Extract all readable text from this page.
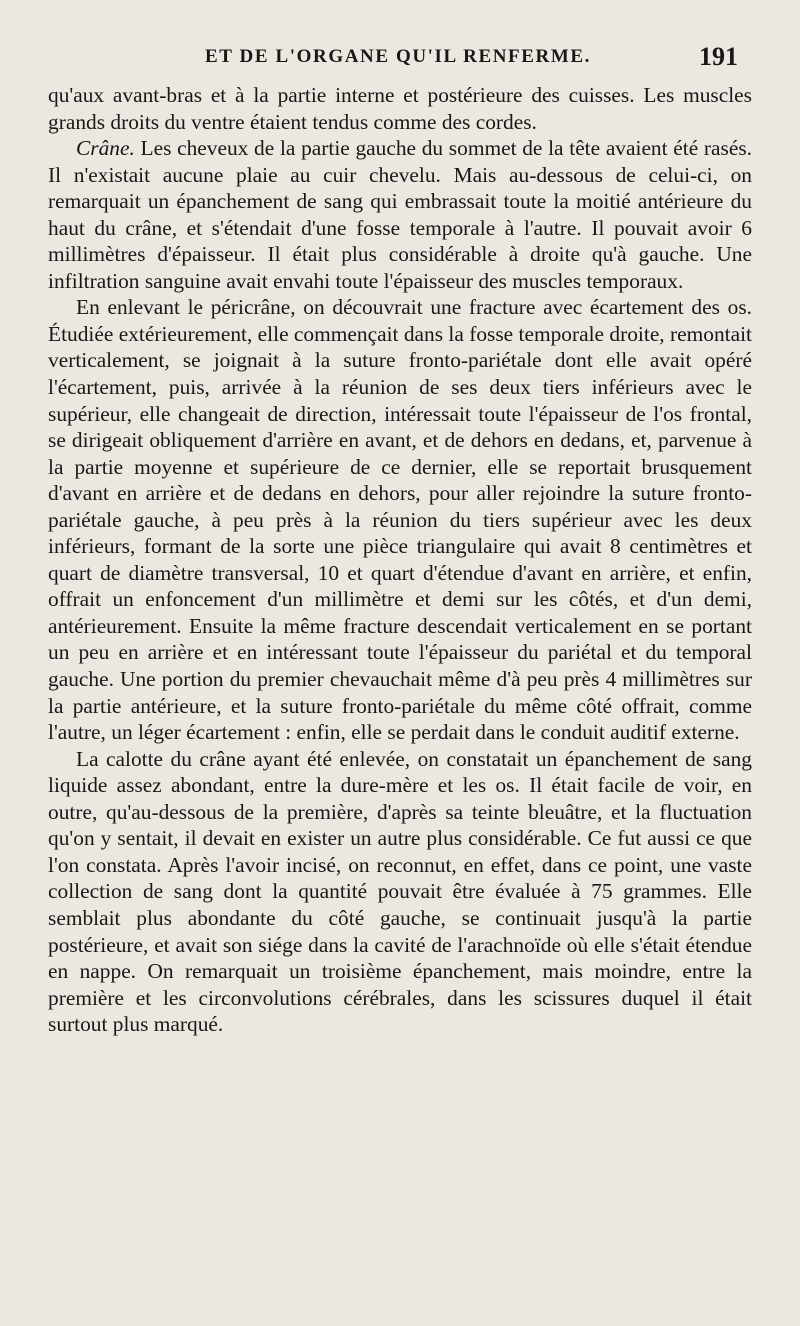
ET DE L'ORGANE QU'IL RENFERME.	191

qu'aux avant-bras et à la partie interne et postérieure des cuisses. Les muscles grands droits du ventre étaient tendus comme des cordes.

Crâne. Les cheveux de la partie gauche du sommet de la tête avaient été rasés. Il n'existait aucune plaie au cuir chevelu. Mais au-dessous de celui-ci, on remarquait un épanchement de sang qui embrassait toute la moitié antérieure du haut du crâne, et s'étendait d'une fosse temporale à l'autre. Il pouvait avoir 6 millimètres d'épaisseur. Il était plus considérable à droite qu'à gauche. Une infiltration sanguine avait envahi toute l'épaisseur des muscles temporaux.

En enlevant le péricrâne, on découvrait une fracture avec écartement des os. Étudiée extérieurement, elle commençait dans la fosse temporale droite, remontait verticalement, se joignait à la suture fronto-pariétale dont elle avait opéré l'écartement, puis, arrivée à la réunion de ses deux tiers inférieurs avec le supérieur, elle changeait de direction, intéressait toute l'épaisseur de l'os frontal, se dirigeait obliquement d'arrière en avant, et de dehors en dedans, et, parvenue à la partie moyenne et supérieure de ce dernier, elle se reportait brusquement d'avant en arrière et de dedans en dehors, pour aller rejoindre la suture fronto-pariétale gauche, à peu près à la réunion du tiers supérieur avec les deux inférieurs, formant de la sorte une pièce triangulaire qui avait 8 centimètres et quart de diamètre transversal, 10 et quart d'étendue d'avant en arrière, et enfin, offrait un enfoncement d'un millimètre et demi sur les côtés, et d'un demi, antérieurement. Ensuite la même fracture descendait verticalement en se portant un peu en arrière et en intéressant toute l'épaisseur du pariétal et du temporal gauche. Une portion du premier chevauchait même d'à peu près 4 millimètres sur la partie antérieure, et la suture fronto-pariétale du même côté offrait, comme l'autre, un léger écartement : enfin, elle se perdait dans le conduit auditif externe.

La calotte du crâne ayant été enlevée, on constatait un épanchement de sang liquide assez abondant, entre la dure-mère et les os. Il était facile de voir, en outre, qu'au-dessous de la première, d'après sa teinte bleuâtre, et la fluctuation qu'on y sentait, il devait en exister un autre plus considérable. Ce fut aussi ce que l'on constata. Après l'avoir incisé, on reconnut, en effet, dans ce point, une vaste collection de sang dont la quantité pouvait être évaluée à 75 grammes. Elle semblait plus abondante du côté gauche, se continuait jusqu'à la partie postérieure, et avait son siége dans la cavité de l'arachnoïde où elle s'était étendue en nappe. On remarquait un troisième épanchement, mais moindre, entre la première et les circonvolutions cérébrales, dans les scissures duquel il était surtout plus marqué.
